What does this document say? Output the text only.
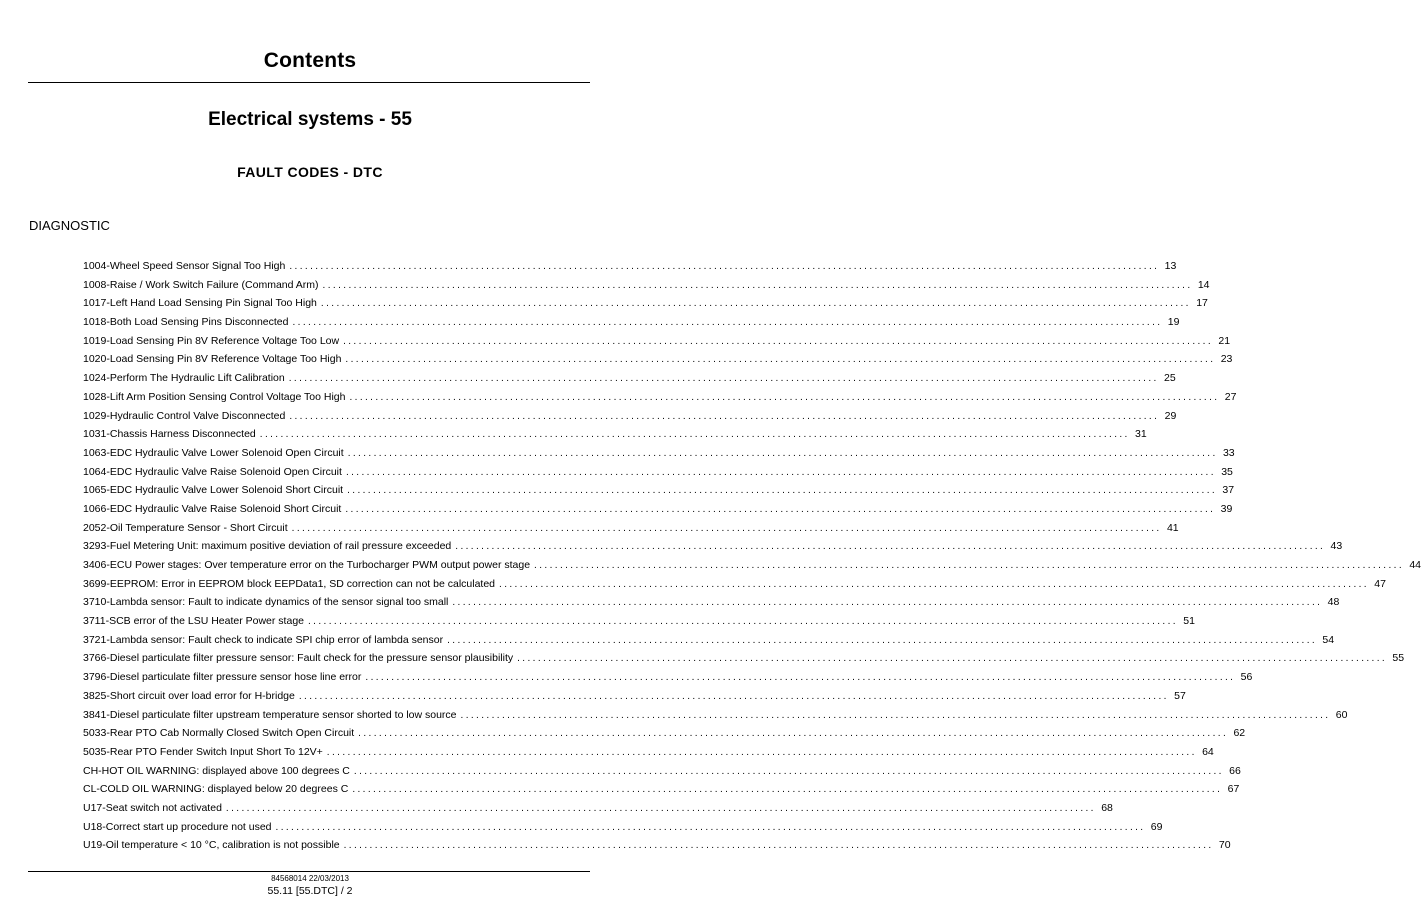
Contents
Electrical systems - 55
FAULT CODES - DTC
DIAGNOSTIC
1004-Wheel Speed Sensor Signal Too High .....	13
1008-Raise / Work Switch Failure (Command Arm) .....	14
1017-Left Hand Load Sensing Pin Signal Too High .....	17
1018-Both Load Sensing Pins Disconnected .....	19
1019-Load Sensing Pin 8V Reference Voltage Too Low .....	21
1020-Load Sensing Pin 8V Reference Voltage Too High .....	23
1024-Perform The Hydraulic Lift Calibration .....	25
1028-Lift Arm Position Sensing Control Voltage Too High .....	27
1029-Hydraulic Control Valve Disconnected .....	29
1031-Chassis Harness Disconnected .....	31
1063-EDC Hydraulic Valve Lower Solenoid Open Circuit .....	33
1064-EDC Hydraulic Valve Raise Solenoid Open Circuit .....	35
1065-EDC Hydraulic Valve Lower Solenoid Short Circuit .....	37
1066-EDC Hydraulic Valve Raise Solenoid Short Circuit .....	39
2052-Oil Temperature Sensor - Short Circuit .....	41
3293-Fuel Metering Unit: maximum positive deviation of rail pressure exceeded .....	43
3406-ECU Power stages: Over temperature error on the Turbocharger PWM output power stage .....	44
3699-EEPROM: Error in EEPROM block EEPData1, SD correction can not be calculated .....	47
3710-Lambda sensor: Fault to indicate dynamics of the sensor signal too small .....	48
3711-SCB error of the LSU Heater Power stage .....	51
3721-Lambda sensor: Fault check to indicate SPI chip error of lambda sensor .....	54
3766-Diesel particulate filter pressure sensor: Fault check for the pressure sensor plausibility .....	55
3796-Diesel particulate filter pressure sensor hose line error .....	56
3825-Short circuit over load error for H-bridge .....	57
3841-Diesel particulate filter upstream temperature sensor shorted to low source .....	60
5033-Rear PTO Cab Normally Closed Switch Open Circuit .....	62
5035-Rear PTO Fender Switch Input Short To 12V+ .....	64
CH-HOT OIL WARNING: displayed above 100 degrees C .....	66
CL-COLD OIL WARNING: displayed below 20 degrees C .....	67
U17-Seat switch not activated .....	68
U18-Correct start up procedure not used .....	69
U19-Oil temperature < 10 °C, calibration is not possible .....	70
84568014 22/03/2013
55.11 [55.DTC] / 2
